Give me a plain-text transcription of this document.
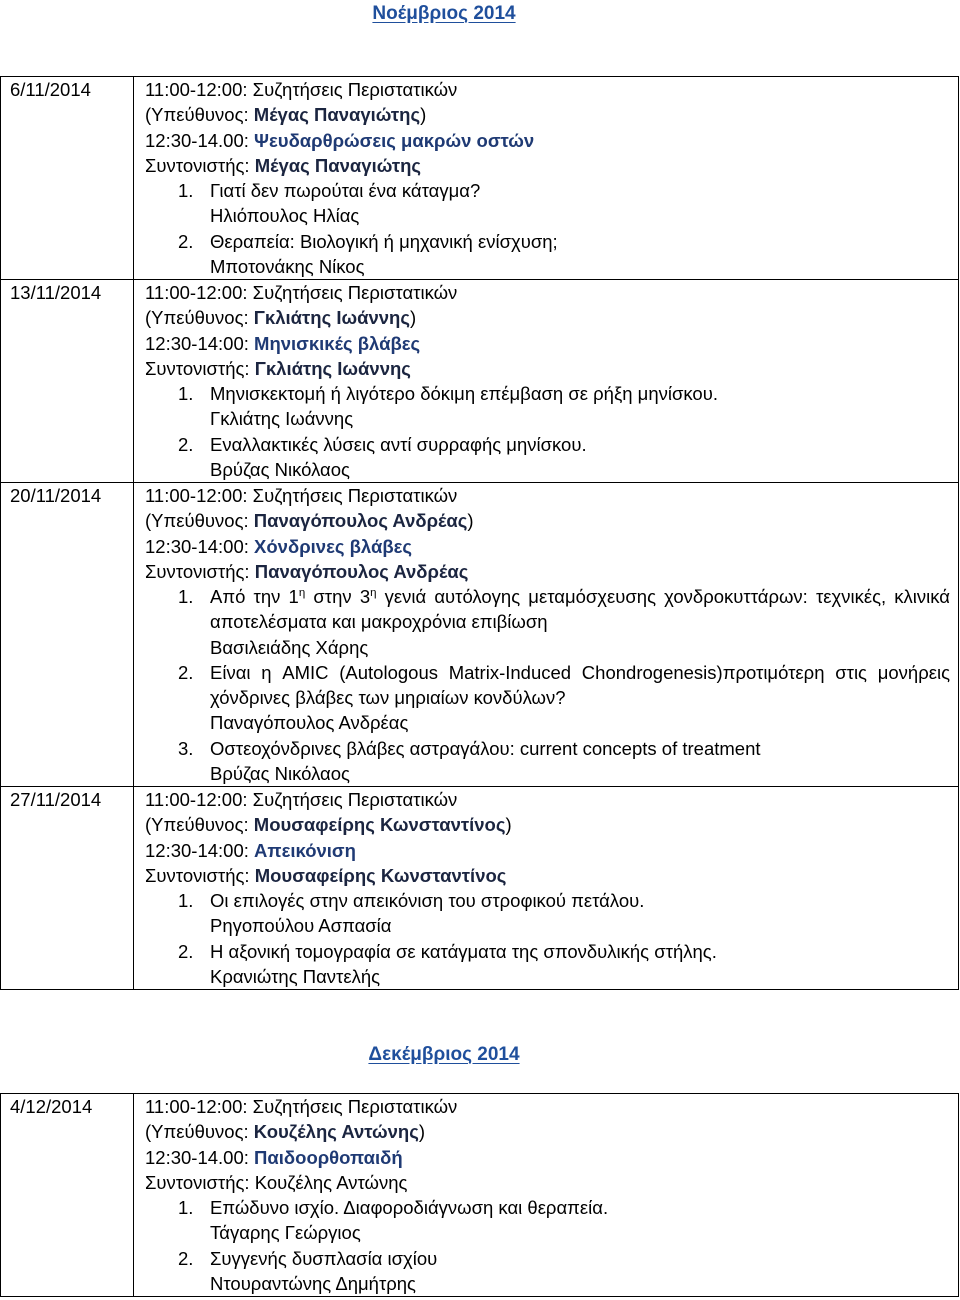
Νοέμβριος 2014
6/11/2014	11:00-12:00: Συζητήσεις Περιστατικών
(Υπεύθυνος: Μέγας Παναγιώτης)
12:30-14.00: Ψευδαρθρώσεις μακρών οστών
Συντονιστής: Μέγας Παναγιώτης
1. Γιατί δεν πωρούται ένα κάταγμα?
Ηλιόπουλος Ηλίας
2. Θεραπεία: Βιολογική ή μηχανική ενίσχυση;
Μποτονάκης Νίκος
13/11/2014	11:00-12:00: Συζητήσεις Περιστατικών
(Υπεύθυνος: Γκλιάτης Ιωάννης)
12:30-14:00: Μηνισκικές βλάβες
Συντονιστής: Γκλιάτης Ιωάννης
1. Μηνισκεκτομή ή λιγότερο δόκιμη επέμβαση σε ρήξη μηνίσκου.
Γκλιάτης Ιωάννης
2. Εναλλακτικές λύσεις αντί συρραφής μηνίσκου.
Βρύζας Νικόλαος
20/11/2014	11:00-12:00: Συζητήσεις Περιστατικών
(Υπεύθυνος: Παναγόπουλος Ανδρέας)
12:30-14:00: Χόνδρινες βλάβες
Συντονιστής: Παναγόπουλος Ανδρέας
1. Από την $1^\eta$ στην $3^\eta$ γενιά αυτόλογης μεταμόσχευσης χονδροκυττάρων: τεχνικές, κλινικά
αποτελέσματα και μακροχρόνια επιβίωση
Βασιλειάδης Χάρης
2. Είναι η AMIC (Autologous Matrix-Induced Chondrogenesis)προτιμότερη στις μονήρεις
χόνδρινες βλάβες των μηριαίων κονδύλων?
Παναγόπουλος Ανδρέας
3. Οστεοχόνδρινες βλάβες αστραγάλου: current concepts of treatment
Βρύζας Νικόλαος
27/11/2014	11:00-12:00: Συζητήσεις Περιστατικών
(Υπεύθυνος: Μουσαφείρης Κωνσταντίνος)
12:30-14:00: Απεικόνιση
Συντονιστής: Μουσαφείρης Κωνσταντίνος
1. Οι επιλογές στην απεικόνιση του στροφικού πετάλου.
Ρηγοπούλου Ασπασία
2. Η αξονική τομογραφία σε κατάγματα της σπονδυλικής στήλης.
Κρανιώτης Παντελής
Δεκέμβριος 2014
4/12/2014	11:00-12:00: Συζητήσεις Περιστατικών
(Υπεύθυνος: Κουζέλης Αντώνης)
12:30-14.00: Παιδοορθοπαιδή
Συντονιστής: Κουζέλης Αντώνης
1. Επώδυνο ισχίο. Διαφοροδιάγνωση και θεραπεία.
Τάγαρης Γεώργιος
2. Συγγενής δυσπλασία ισχίου
Ντουραντώνης Δημήτρης
